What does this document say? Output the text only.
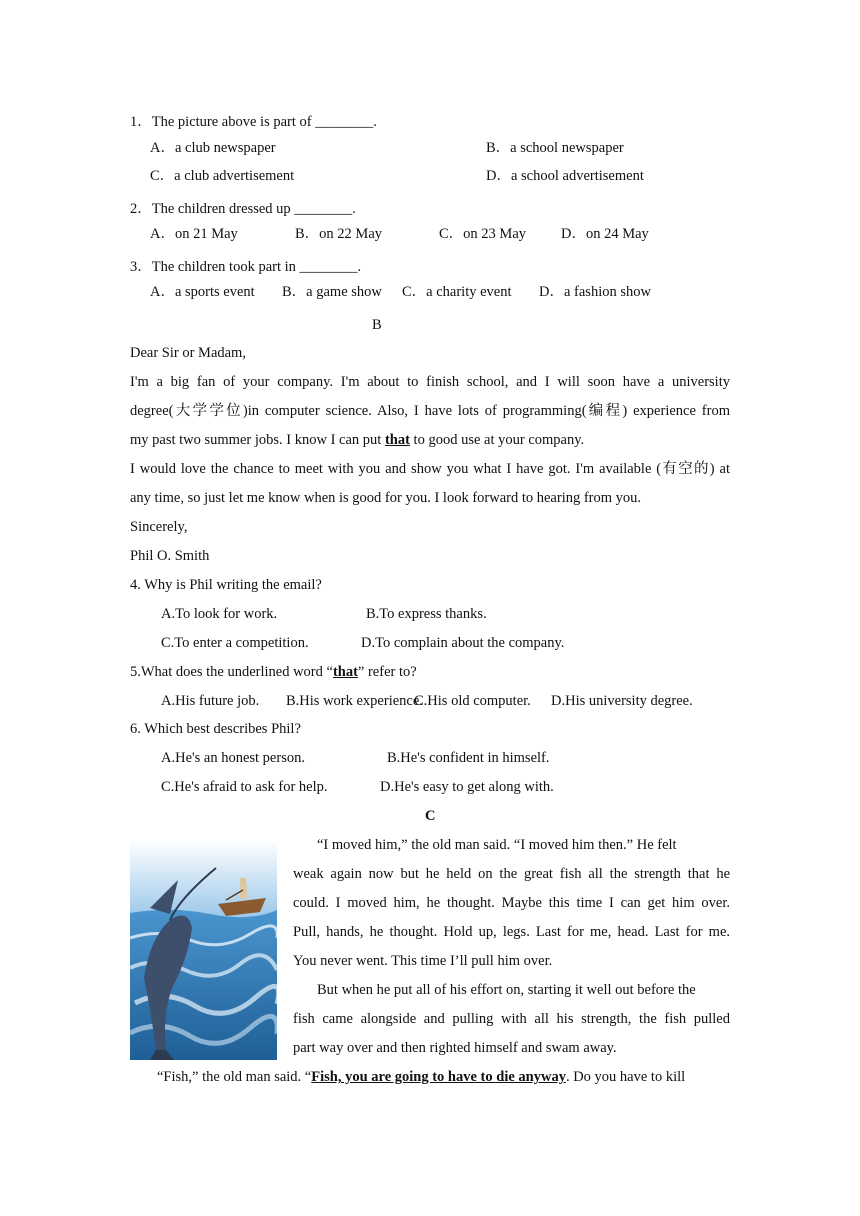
1．The picture above is part of ________.
A．a club newspaper	B．a school newspaper
C．a club advertisement	D．a school advertisement
2．The children dressed up ________.
A．on 21 May	B．on 22 May	C．on 23 May D．on 24 May
3．The children took part in ________.
A．a sports event B．a game show C．a charity event D．a fashion show
B
Dear Sir or Madam,
I'm a big fan of your company. I'm about to finish school, and I will soon have a university
degree(大学学位)in computer science. Also, I have lots of programming(编程) experience from
my past two summer jobs. I know I can put that to good use at your company.
I would love the chance to meet with you and show you what I have got. I'm available (有空的) at
any time, so just let me know when is good for you. I look forward to hearing from you.
Sincerely,
Phil O. Smith
4. Why is Phil writing the email?
A.To look for work.	B.To express thanks.
C.To enter a competition.	D.To complain about the company.
5.What does the underlined word “that” refer to?
A.His future job. B.His work experience.
C.His old computer. D.His university degree.
6. Which best describes Phil?
A.He's an honest person.	B.He's confident in himself.
C.He's afraid to ask for help.	D.He's easy to get along with.
C
“I moved him,” the old man said. “I moved him then.” He felt
weak again now but he held on the great fish all the strength that he
could. I moved him, he thought. Maybe this time I can get him over.
Pull, hands, he thought. Hold up, legs. Last for me, head. Last for me.
You never went. This time I’ll pull him over.
But when he put all of his effort on, starting it well out before the
fish came alongside and pulling with all his strength, the fish pulled
part way over and then righted himself and swam away.
“Fish,” the old man said. “Fish, you are going to have to die anyway. Do you have to kill
